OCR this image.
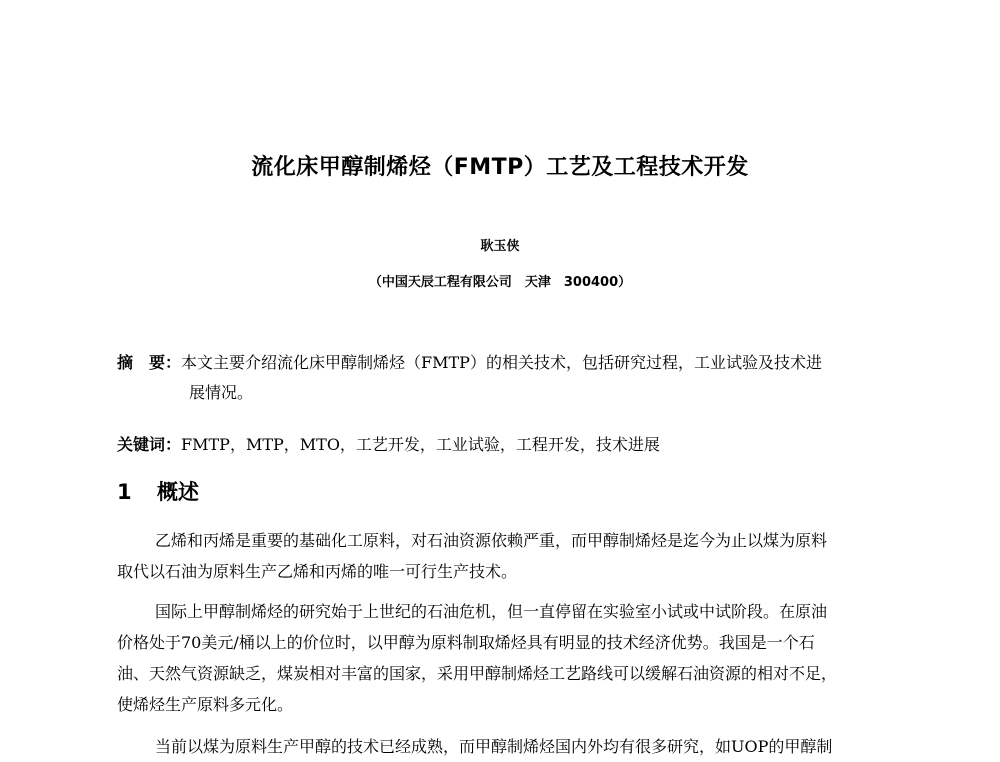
流化床甲醇制烯烃（FMTP）工艺及工程技术开发
耿玉侠
（中国天辰工程有限公司　天津　300400）
摘　要：本文主要介绍流化床甲醇制烯烃（FMTP）的相关技术，包括研究过程，工业试验及技术进
展情况。
关键词：FMTP，MTP，MTO，工艺开发，工业试验，工程开发，技术进展
1 概述
乙烯和丙烯是重要的基础化工原料，对石油资源依赖严重，而甲醇制烯烃是迄今为止以煤为原料
取代以石油为原料生产乙烯和丙烯的唯一可行生产技术。
国际上甲醇制烯烃的研究始于上世纪的石油危机，但一直停留在实验室小试或中试阶段。在原油
价格处于70美元/桶以上的价位时，以甲醇为原料制取烯烃具有明显的技术经济优势。我国是一个石
油、天然气资源缺乏，煤炭相对丰富的国家，采用甲醇制烯烃工艺路线可以缓解石油资源的相对不足，
使烯烃生产原料多元化。
当前以煤为原料生产甲醇的技术已经成熟，而甲醇制烯烃国内外均有很多研究，如UOP的甲醇制
